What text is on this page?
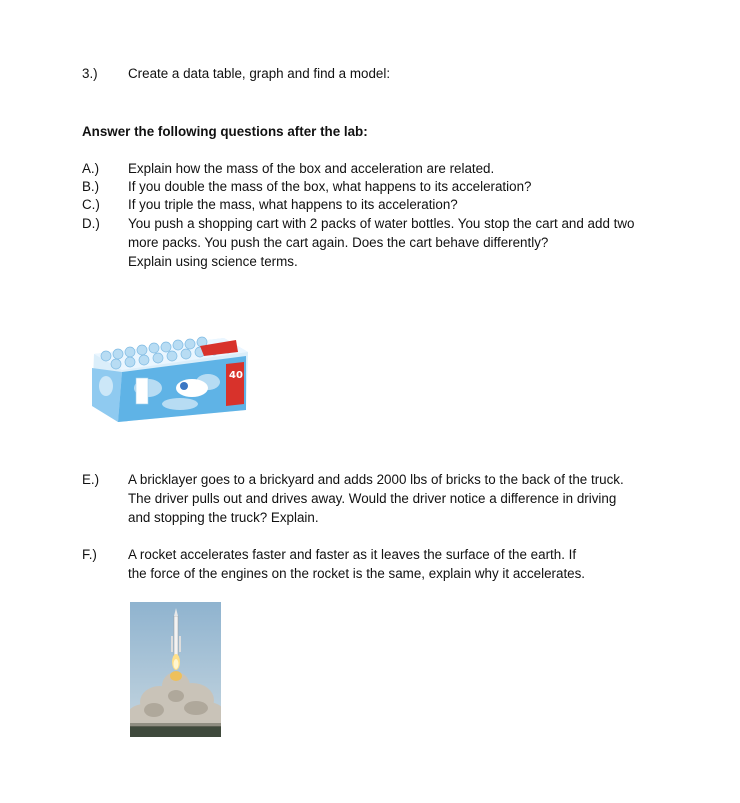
3.) Create a data table, graph and find a model:
Answer the following questions after the lab:
A.) Explain how the mass of the box and acceleration are related.
B.) If you double the mass of the box, what happens to its acceleration?
C.) If you triple the mass, what happens to its acceleration?
D.) You push a shopping cart with 2 packs of water bottles. You stop the cart and add two
more packs. You push the cart again. Does the cart behave differently?
Explain using science terms.
40
E.) A bricklayer goes to a brickyard and adds 2000 lbs of bricks to the back of the truck.
The driver pulls out and drives away. Would the driver notice a difference in driving
and stopping the truck? Explain.
F.) A rocket accelerates faster and faster as it leaves the surface of the earth. If
the force of the engines on the rocket is the same, explain why it accelerates.
